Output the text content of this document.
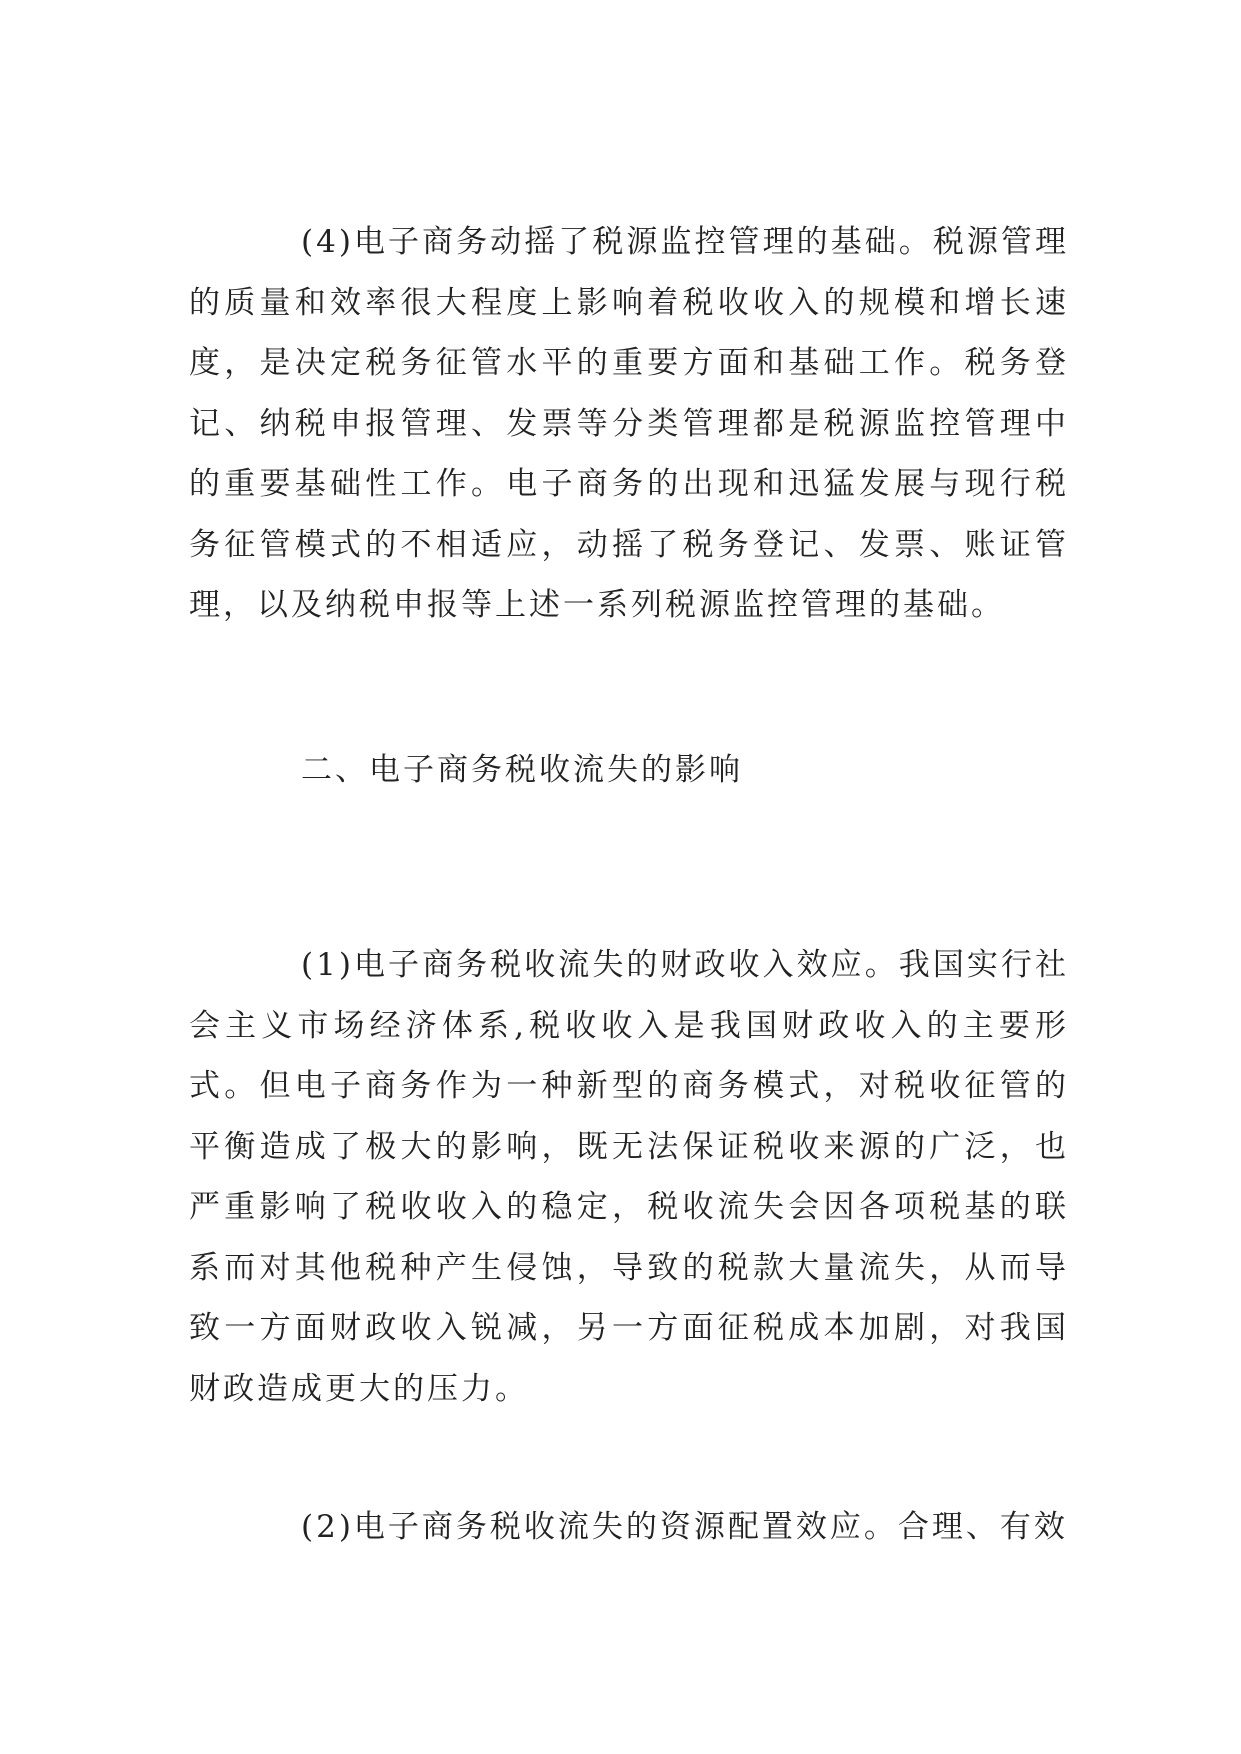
(4)电子商务动摇了税源监控管理的基础。税源管理的质量和效率很大程度上影响着税收收入的规模和增长速度，是决定税务征管水平的重要方面和基础工作。税务登记、纳税申报管理、发票等分类管理都是税源监控管理中的重要基础性工作。电子商务的出现和迅猛发展与现行税务征管模式的不相适应，动摇了税务登记、发票、账证管理，以及纳税申报等上述一系列税源监控管理的基础。

二、电子商务税收流失的影响

(1)电子商务税收流失的财政收入效应。我国实行社会主义市场经济体系,税收收入是我国财政收入的主要形式。但电子商务作为一种新型的商务模式，对税收征管的平衡造成了极大的影响，既无法保证税收来源的广泛，也严重影响了税收收入的稳定，税收流失会因各项税基的联系而对其他税种产生侵蚀，导致的税款大量流失，从而导致一方面财政收入锐减，另一方面征税成本加剧，对我国财政造成更大的压力。

(2)电子商务税收流失的资源配置效应。合理、有效
